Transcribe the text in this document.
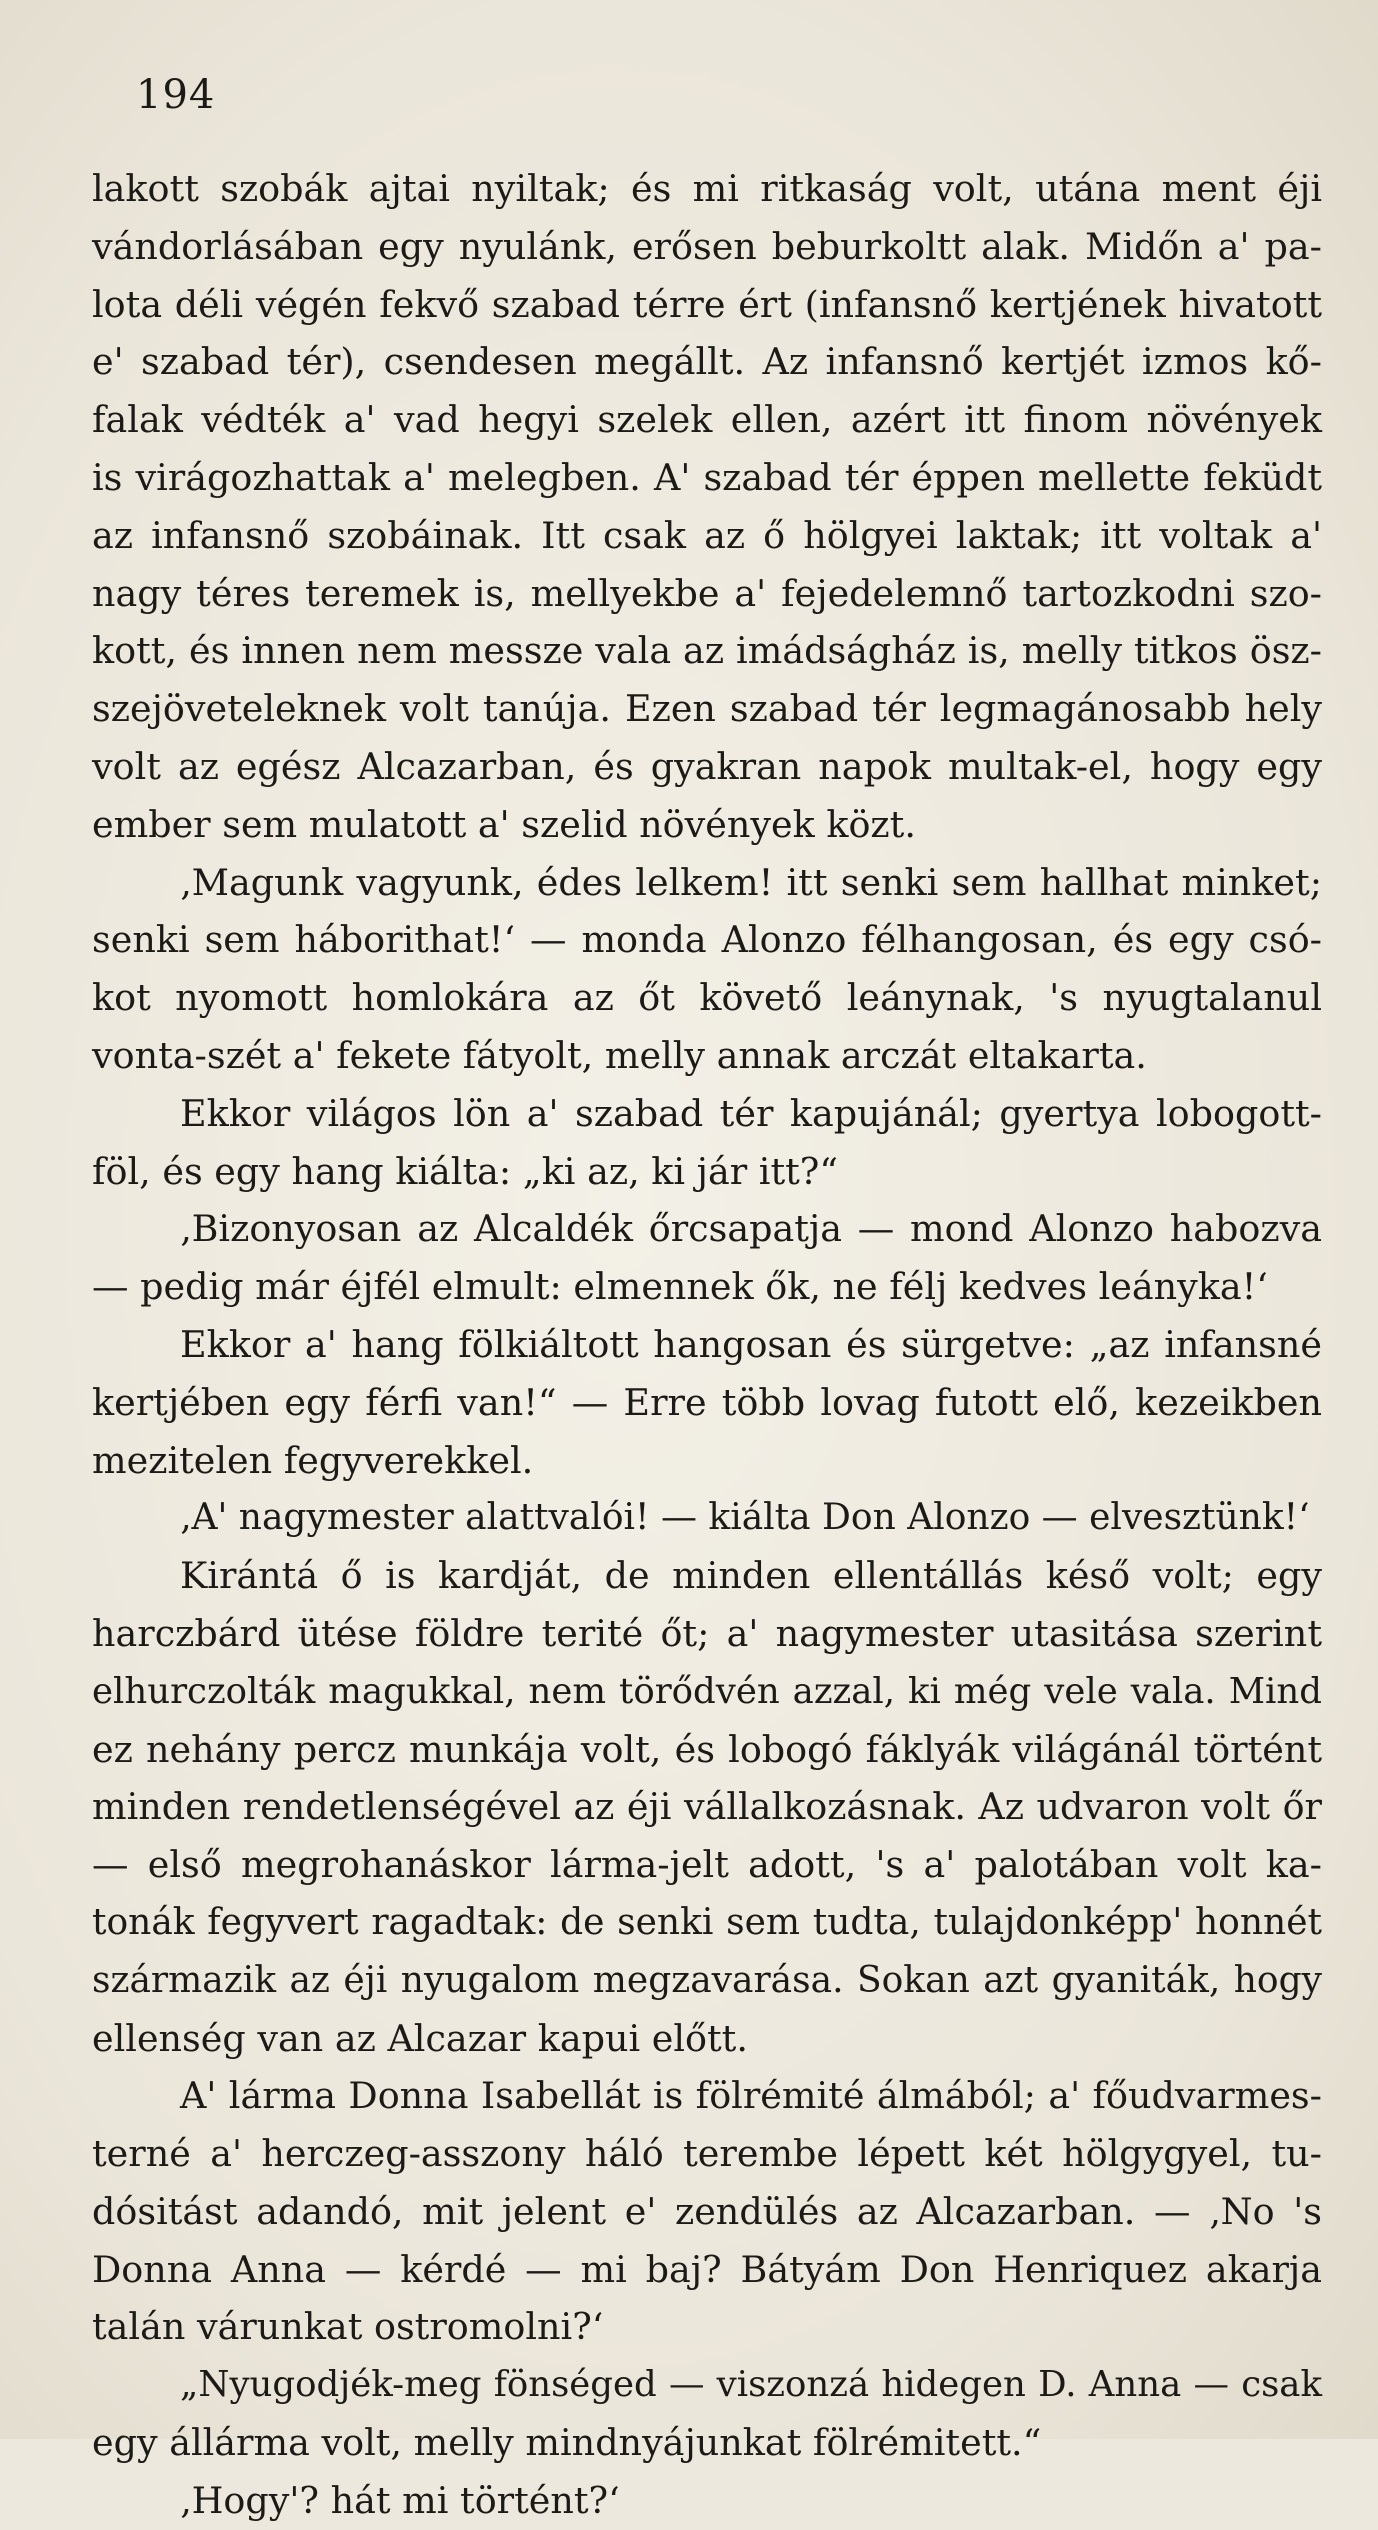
194
lakott szobák ajtai nyiltak; és mi ritkaság volt, utána ment éji
vándorlásában egy nyulánk, erősen beburkoltt alak. Midőn a' pa-
lota déli végén fekvő szabad térre ért (infansnő kertjének hivatott
e' szabad tér), csendesen megállt. Az infansnő kertjét izmos kő-
falak védték a' vad hegyi szelek ellen, azért itt finom növények
is virágozhattak a' melegben. A' szabad tér éppen mellette feküdt
az infansnő szobáinak. Itt csak az ő hölgyei laktak; itt voltak a'
nagy téres teremek is, mellyekbe a' fejedelemnő tartozkodni szo-
kott, és innen nem messze vala az imádságház is, melly titkos ösz-
szejöveteleknek volt tanúja. Ezen szabad tér legmagánosabb hely
volt az egész Alcazarban, és gyakran napok multak-el, hogy egy
ember sem mulatott a' szelid növények közt.
‚Magunk vagyunk, édes lelkem! itt senki sem hallhat minket;
senki sem háborithat!‘ — monda Alonzo félhangosan, és egy csó-
kot nyomott homlokára az őt követő leánynak, 's nyugtalanul
vonta-szét a' fekete fátyolt, melly annak arczát eltakarta.
Ekkor világos lön a' szabad tér kapujánál; gyertya lobogott-
föl, és egy hang kiálta: „ki az, ki jár itt?“
‚Bizonyosan az Alcaldék őrcsapatja — mond Alonzo habozva
— pedig már éjfél elmult: elmennek ők, ne félj kedves leányka!‘
Ekkor a' hang fölkiáltott hangosan és sürgetve: „az infansné
kertjében egy férfi van!“ — Erre több lovag futott elő, kezeikben
mezitelen fegyverekkel.
‚A' nagymester alattvalói! — kiálta Don Alonzo — elvesztünk!‘
Kirántá ő is kardját, de minden ellentállás késő volt; egy
harczbárd ütése földre terité őt; a' nagymester utasitása szerint
elhurczolták magukkal, nem törődvén azzal, ki még vele vala. Mind
ez nehány percz munkája volt, és lobogó fáklyák világánál történt
minden rendetlenségével az éji vállalkozásnak. Az udvaron volt őr
— első megrohanáskor lárma-jelt adott, 's a' palotában volt ka-
tonák fegyvert ragadtak: de senki sem tudta, tulajdonképp' honnét
származik az éji nyugalom megzavarása. Sokan azt gyaniták, hogy
ellenség van az Alcazar kapui előtt.
A' lárma Donna Isabellát is fölrémité álmából; a' főudvarmes-
terné a' herczeg-asszony háló terembe lépett két hölgygyel, tu-
dósitást adandó, mit jelent e' zendülés az Alcazarban. — ‚No 's
Donna Anna — kérdé — mi baj? Bátyám Don Henriquez akarja
talán várunkat ostromolni?‘
„Nyugodjék-meg fönséged — viszonzá hidegen D. Anna — csak
egy állárma volt, melly mindnyájunkat fölrémitett.“
‚Hogy'? hát mi történt?‘
